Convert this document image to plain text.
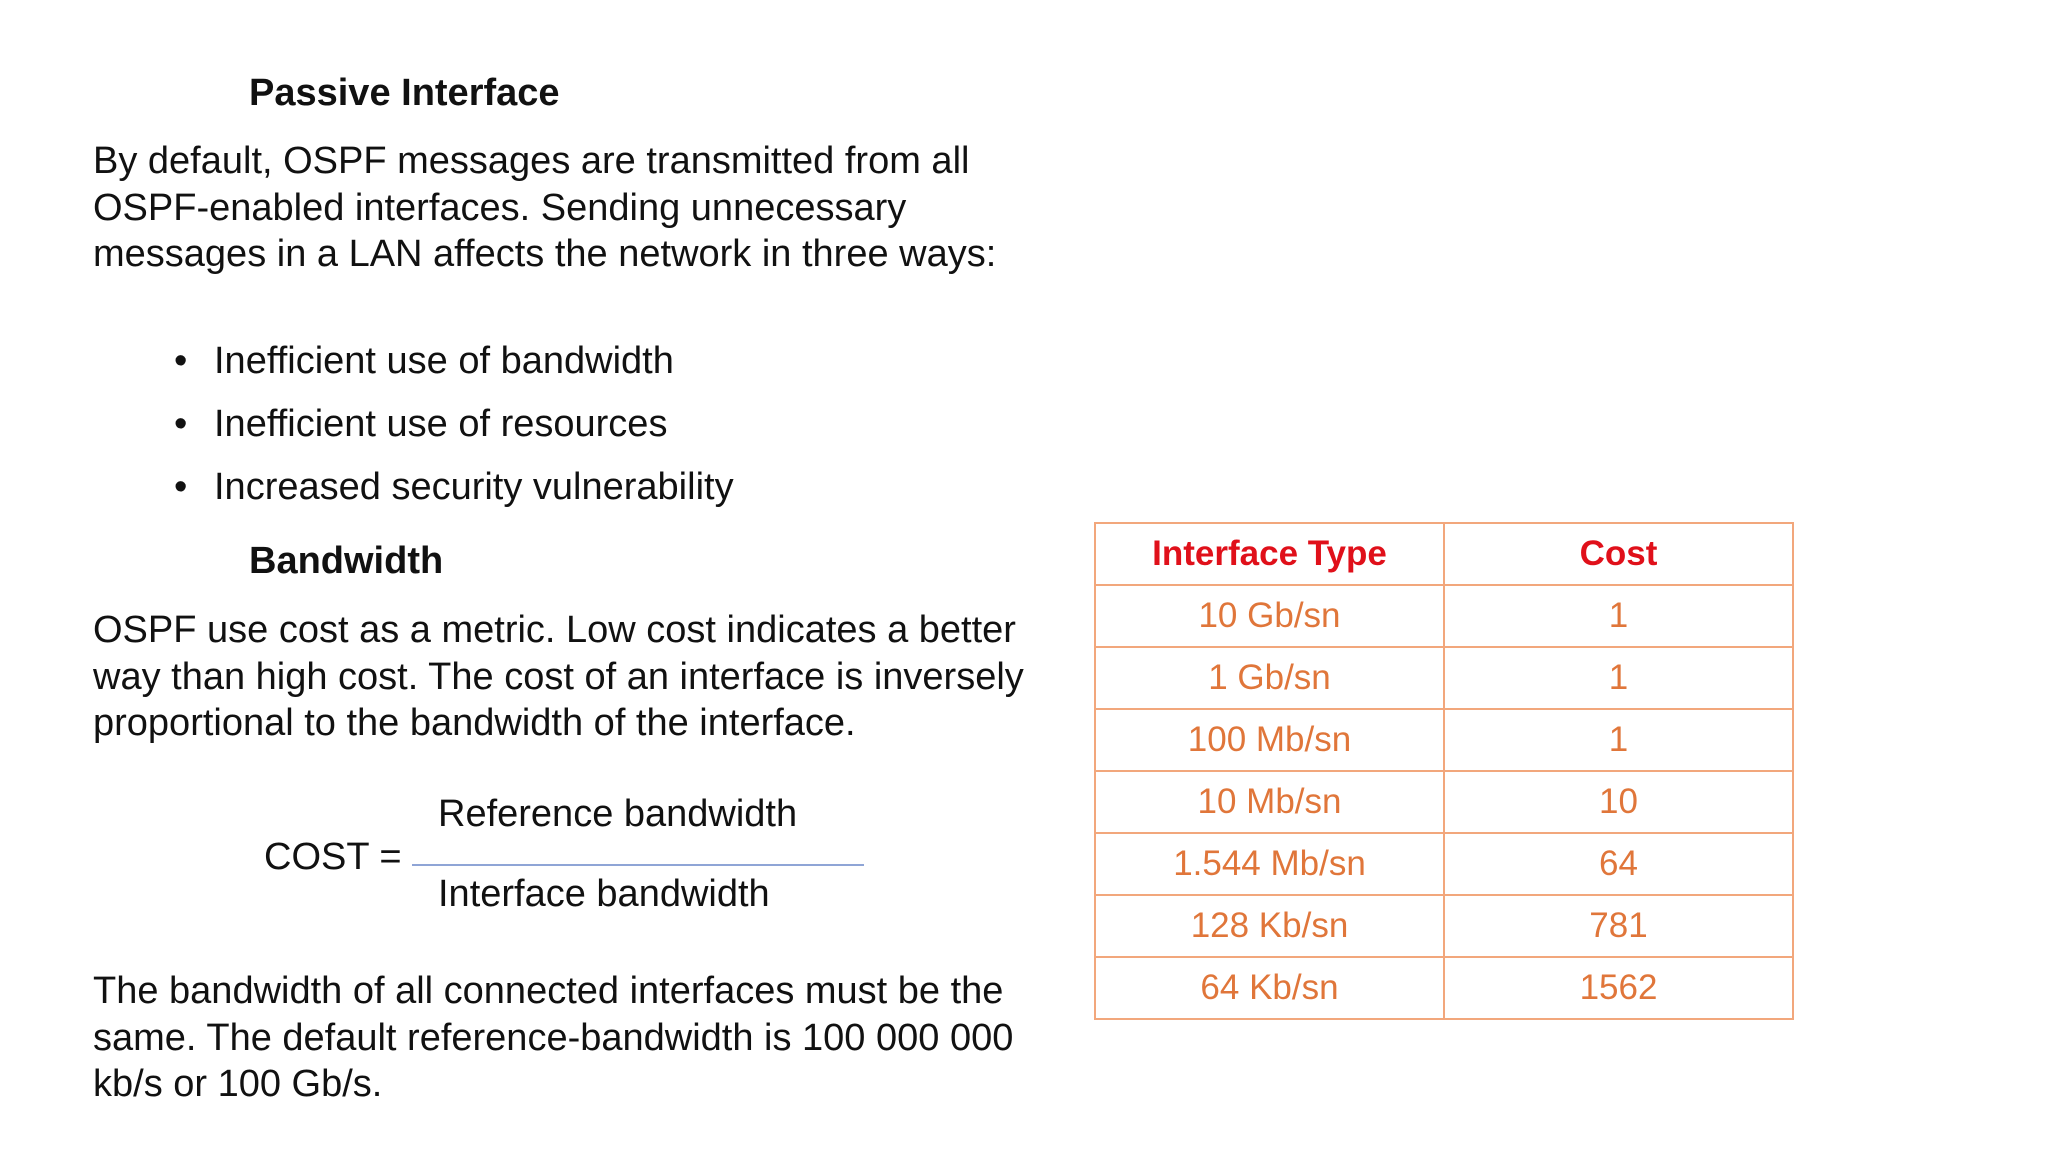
Passive Interface

By default, OSPF messages are transmitted from all OSPF-enabled interfaces. Sending unnecessary messages in a LAN affects the network in three ways:

• Inefficient use of bandwidth
• Inefficient use of resources
• Increased security vulnerability
Bandwidth

OSPF use cost as a metric. Low cost indicates a better way than high cost. The cost of an interface is inversely proportional to the bandwidth of the interface.

COST =
Reference bandwidth
Interface bandwidth

The bandwidth of all connected interfaces must be the same. The default reference-bandwidth is 100 000 000 kb/s or 100 Gb/s.

Interface Type	Cost
10 Gb/sn	1
1 Gb/sn	1
100 Mb/sn	1
10 Mb/sn	10
1.544 Mb/sn	64
128 Kb/sn	781
64 Kb/sn	1562
